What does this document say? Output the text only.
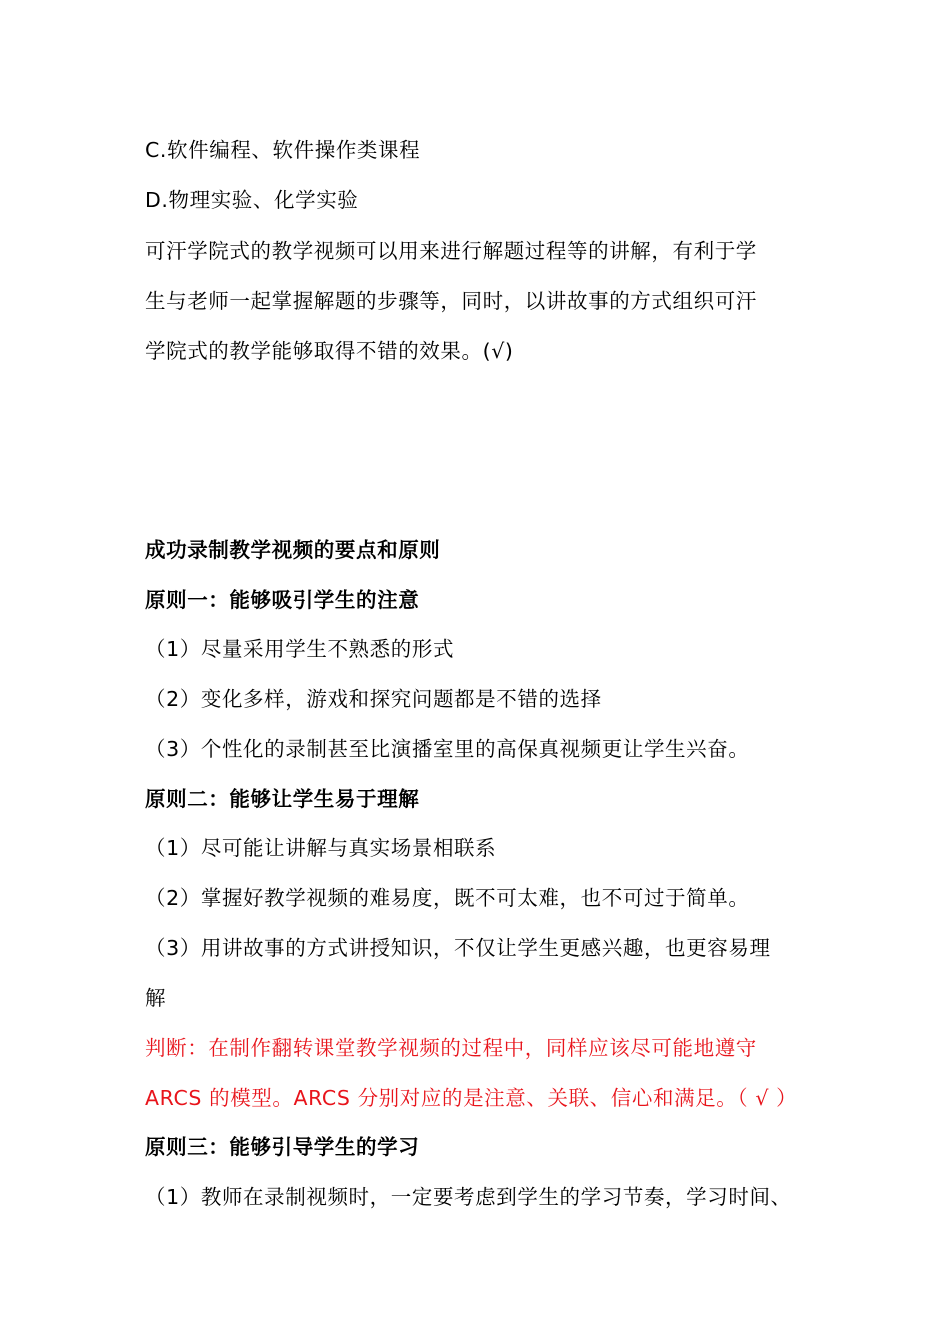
C.软件编程、软件操作类课程
D.物理实验、化学实验
可汗学院式的教学视频可以用来进行解题过程等的讲解，有利于学
生与老师一起掌握解题的步骤等，同时，以讲故事的方式组织可汗
学院式的教学能够取得不错的效果。(√)
成功录制教学视频的要点和原则
原则一：能够吸引学生的注意
（1）尽量采用学生不熟悉的形式
（2）变化多样，游戏和探究问题都是不错的选择
（3）个性化的录制甚至比演播室里的高保真视频更让学生兴奋。
原则二：能够让学生易于理解
（1）尽可能让讲解与真实场景相联系
（2）掌握好教学视频的难易度，既不可太难，也不可过于简单。
（3）用讲故事的方式讲授知识，不仅让学生更感兴趣，也更容易理
解
判断：在制作翻转课堂教学视频的过程中，同样应该尽可能地遵守
ARCS 的模型。ARCS 分别对应的是注意、关联、信心和满足。（ √ ）
原则三：能够引导学生的学习
（1）教师在录制视频时，一定要考虑到学生的学习节奏，学习时间、
